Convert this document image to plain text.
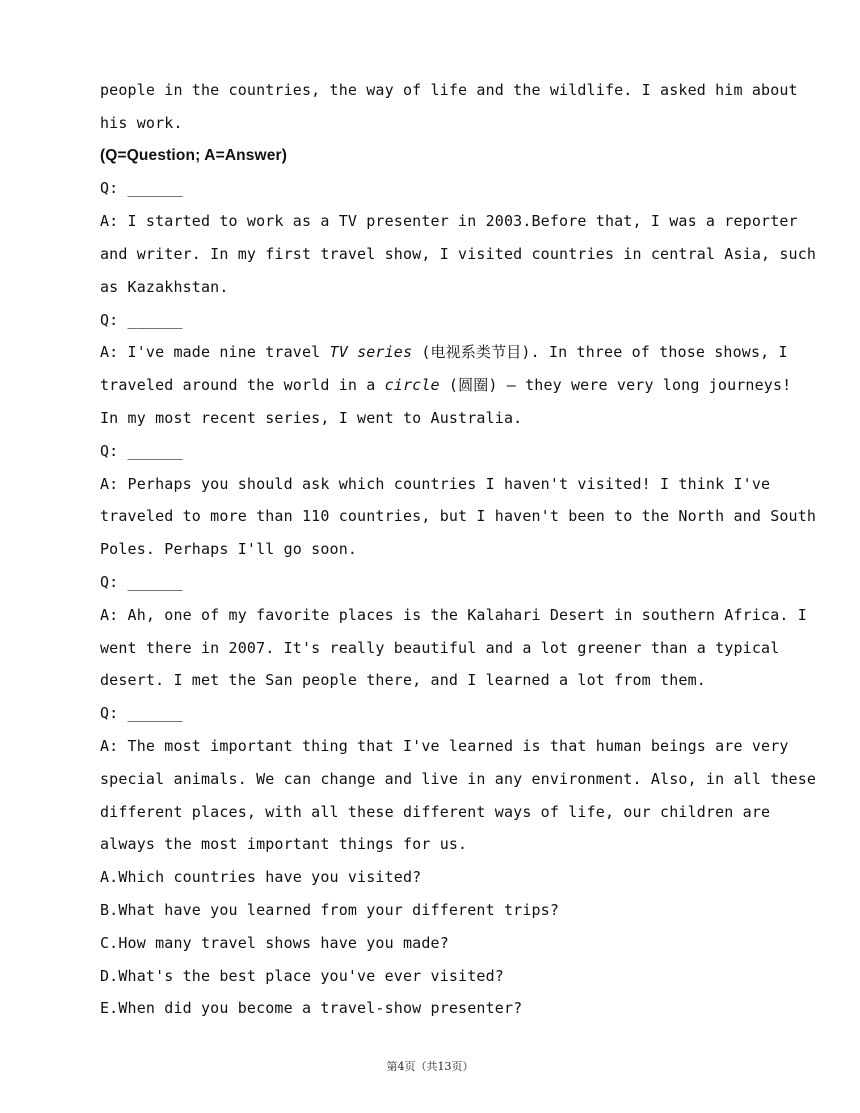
people in the countries, the way of life and the wildlife. I asked him about
his work.
(Q=Question; A=Answer)
Q: ______
A: I started to work as a TV presenter in 2003.Before that, I was a reporter
and writer. In my first travel show, I visited countries in central Asia, such
as Kazakhstan.
Q: ______
A: I've made nine travel TV series (电视系类节目). In three of those shows, I
traveled around the world in a circle (圆圈) — they were very long journeys!
In my most recent series, I went to Australia.
Q: ______
A: Perhaps you should ask which countries I haven't visited! I think I've
traveled to more than 110 countries, but I haven't been to the North and South
Poles. Perhaps I'll go soon.
Q: ______
A: Ah, one of my favorite places is the Kalahari Desert in southern Africa. I
went there in 2007. It's really beautiful and a lot greener than a typical
desert. I met the San people there, and I learned a lot from them.
Q: ______
A: The most important thing that I've learned is that human beings are very
special animals. We can change and live in any environment. Also, in all these
different places, with all these different ways of life, our children are
always the most important things for us.
A.Which countries have you visited?
B.What have you learned from your different trips?
C.How many travel shows have you made?
D.What's the best place you've ever visited?
E.When did you become a travel-show presenter?
第4页（共13页）
